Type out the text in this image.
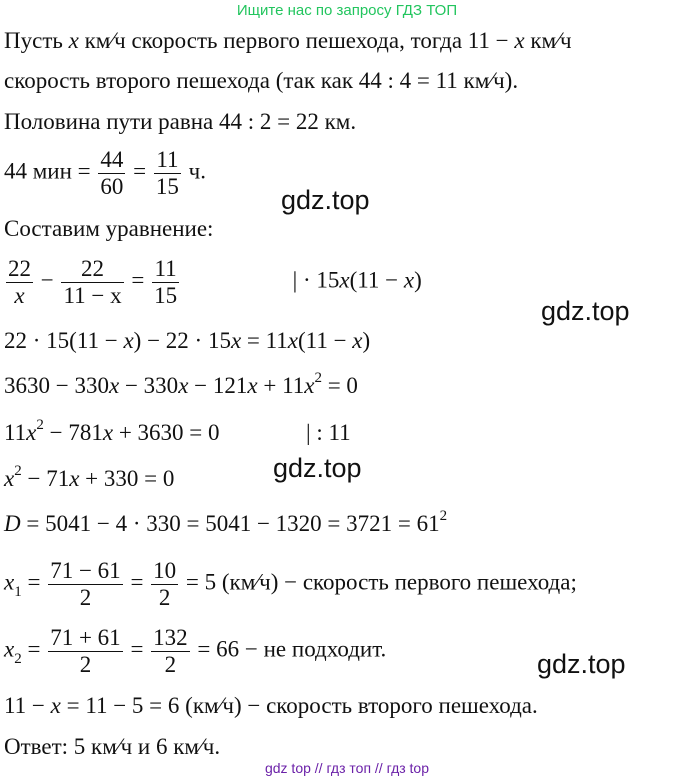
Ищите нас по запросу ГДЗ ТОП
gdz.top
gdz.top
gdz.top
gdz.top
Пусть x км⁄ч скорость первого пешехода, тогда 11 − x км⁄ч
скорость второго пешехода (так как 44 : 4 = 11 км⁄ч).
Половина пути равна 44 : 2 = 22 км.
44 мин = $\frac{44}{60} = \frac{11}{15} ч$.
Составим уравнение:
$\frac{22}{x} - \frac{22}{11 - x} = \frac{11}{15}$	| · 15x(11 − x)
22 · 15(11 − x) − 22 · 15x = 11x(11 − x)
$3630 - 330x - 330x - 121x + 11x^2 = 0$
$11x^2 - 781x + 3630 = 0$	| : 11
$x^2 - 71x + 330 = 0$
$D = 5041 - 4 \cdot 330 = 5041 - 1320 = 3721 = 61^2$
$x_1 = \frac{71 - 61}{2} = \frac{10}{2} = 5$ (км⁄ч) − скорость первого пешехода;
$x_2 = \frac{71 + 61}{2} = \frac{132}{2} = 66$ − не подходит.
11 − x = 11 − 5 = 6 (км⁄ч) − скорость второго пешехода.
Ответ: 5 км⁄ч и 6 км⁄ч.
gdz top // гдз топ // гдз top
